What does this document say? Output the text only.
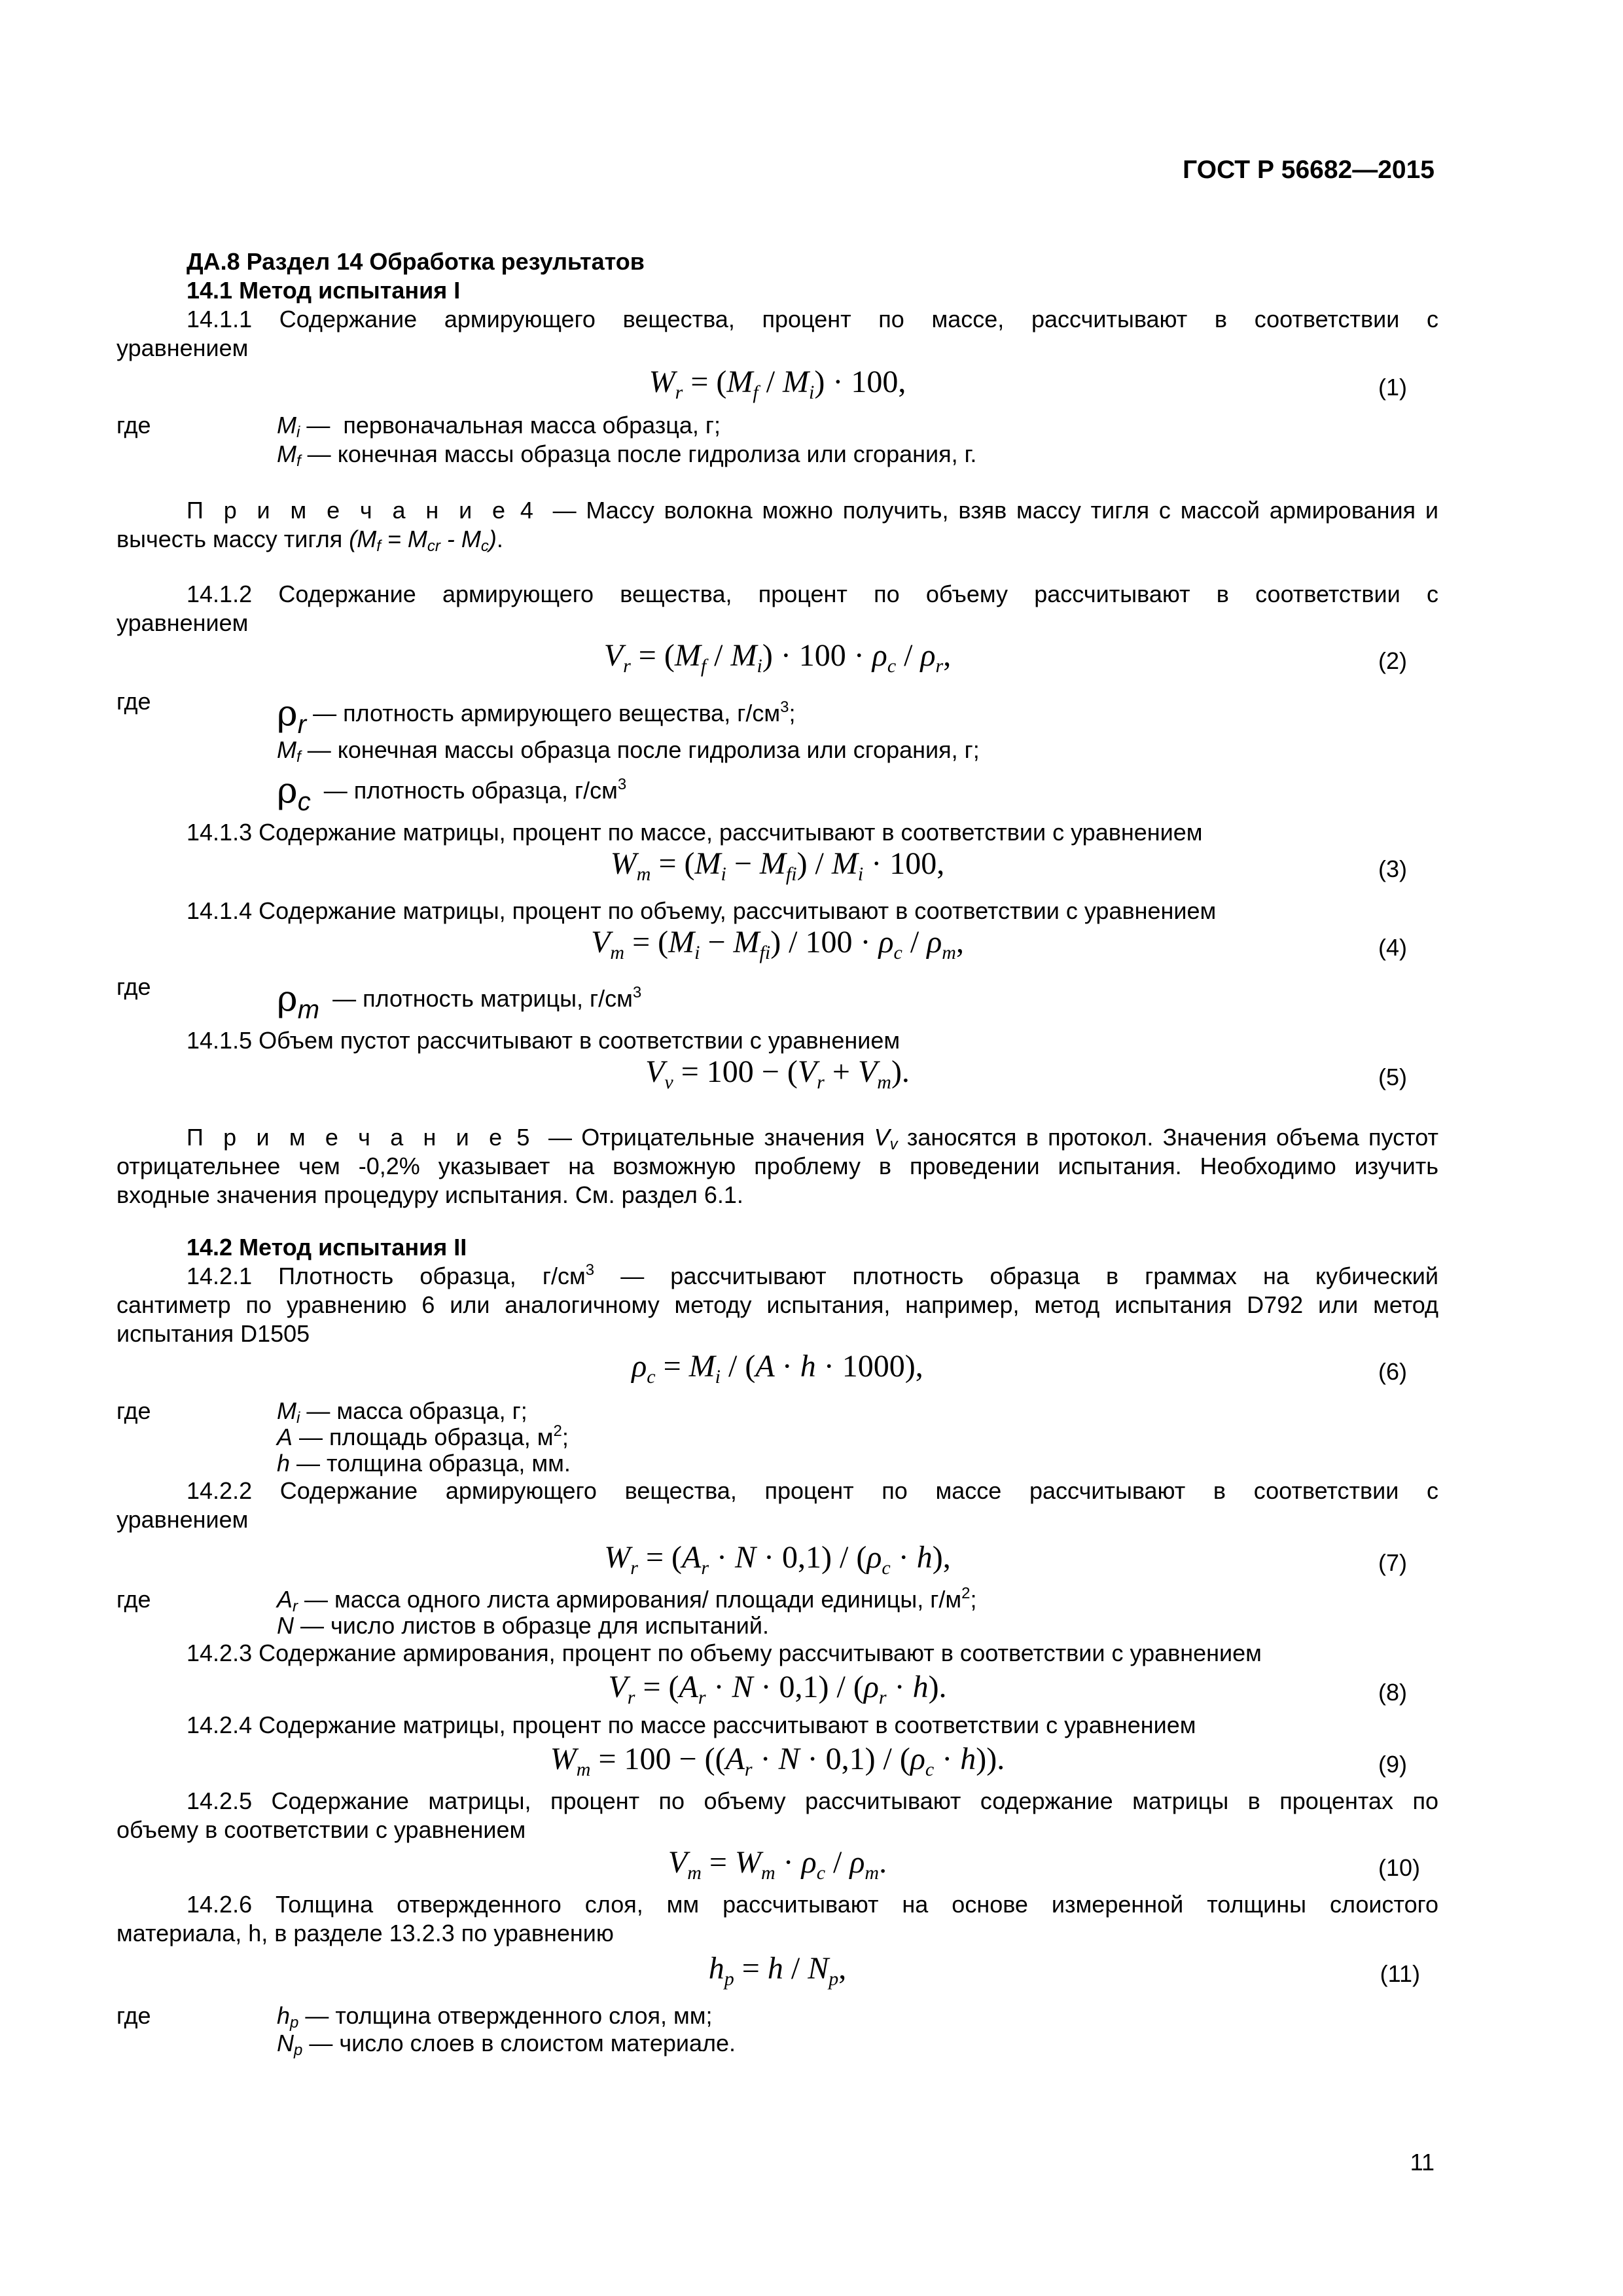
ГОСТ Р 56682—2015
ДА.8 Раздел 14 Обработка результатов
14.1 Метод испытания I
14.1.1 Содержание армирующего вещества, процент по массе, рассчитывают в соответствии с
уравнением
$W_r = (M_f / M_i) \cdot 100$,	(1)
где	$M_i$ —  первоначальная масса образца, г;
$M_f$ — конечная массы образца после гидролиза или сгорания, г.
П р и м е ч а н и е 4 — Массу волокна можно получить, взяв массу тигля с массой армирования и
вычесть массу тигля $(M_f = M_{cr} - M_c)$.
14.1.2 Содержание армирующего вещества, процент по объему рассчитывают в соответствии с
уравнением
$V_r = (M_f / M_i) \cdot 100 \cdot \rho_c / \rho_r$,	(2)
где	$\rho_r$ — плотность армирующего вещества, $г/см^3$;
$M_f$ — конечная массы образца после гидролиза или сгорания, г;
$\rho_c$ — плотность образца, $г/см^3$
14.1.3 Содержание матрицы, процент по массе, рассчитывают в соответствии с уравнением
$W_m = (M_i - M_{fi}) / M_i \cdot 100$,	(3)
14.1.4 Содержание матрицы, процент по объему, рассчитывают в соответствии с уравнением
$V_m = (M_i - M_{fi}) / 100 \cdot \rho_c / \rho_m$,	(4)
где	$\rho_m$ — плотность матрицы, $г/см^3$
14.1.5 Объем пустот рассчитывают в соответствии с уравнением
$V_v = 100 - (V_r + V_m)$.	(5)
П р и м е ч а н и е 5 — Отрицательные значения $V_v$ заносятся в протокол. Значения объема пустот
отрицательнее чем -0,2% указывает на возможную проблему в проведении испытания. Необходимо изучить
входные значения процедуру испытания. См. раздел 6.1.
14.2 Метод испытания II
14.2.1 Плотность образца, $г/см^3$ — рассчитывают плотность образца в граммах на кубический
сантиметр по уравнению 6 или аналогичному методу испытания, например, метод испытания D792 или метод
испытания D1505
$\rho_c = M_i / (A \cdot h \cdot 1000)$,	(6)
где	$M_i$ — масса образца, г;
A — площадь образца, $м^2$;
h — толщина образца, мм.
14.2.2 Содержание армирующего вещества, процент по массе рассчитывают в соответствии с
уравнением
$W_r = (A_r \cdot N \cdot 0,1) / (\rho_c \cdot h)$,	(7)
где	$A_r$ — масса одного листа армирования/ площади единицы, $г/м^2$;
N — число листов в образце для испытаний.
14.2.3 Содержание армирования, процент по объему рассчитывают в соответствии с уравнением
$V_r = (A_r \cdot N \cdot 0,1) / (\rho_r \cdot h)$.	(8)
14.2.4 Содержание матрицы, процент по массе рассчитывают в соответствии с уравнением
$W_m = 100 - ((A_r \cdot N \cdot 0,1) / (\rho_c \cdot h))$.	(9)
14.2.5 Содержание матрицы, процент по объему рассчитывают содержание матрицы в процентах по
объему в соответствии с уравнением
$V_m = W_m \cdot \rho_c / \rho_m$.	(10)
14.2.6 Толщина отвержденного слоя, мм рассчитывают на основе измеренной толщины слоистого
материала, h, в разделе 13.2.3 по уравнению
$h_p = h / N_p$,	(11)
где	$h_p$ — толщина отвержденного слоя, мм;
$N_p$ — число слоев в слоистом материале.
11
